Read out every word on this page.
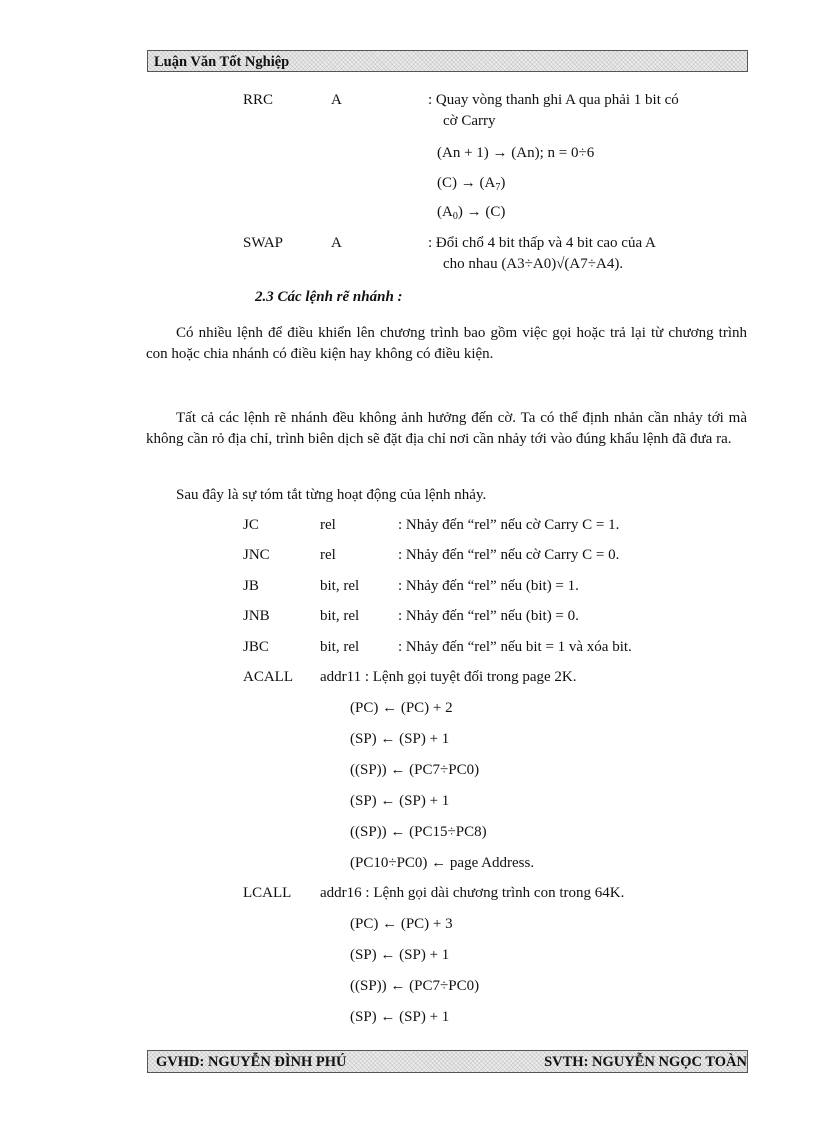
Luận Văn Tốt Nghiệp
RRC	A	: Quay vòng thanh ghi A qua phải 1 bit có
cờ Carry
(An + 1) → (An); n = 0÷6
$(C) \to (A_7)$
$(A_0) \to (C)$
SWAP	A	: Đổi chổ 4 bit thấp và 4 bit cao của A
cho nhau (A3÷A0)√(A7÷A4).
2.3 Các lệnh rẽ nhánh :
Có nhiều lệnh để điều khiển lên chương trình bao gồm việc gọi hoặc trả lại từ chương trình con hoặc chia nhánh có điều kiện hay không có điều kiện.
Tất cả các lệnh rẽ nhánh đều không ảnh hưởng đến cờ. Ta có thể định nhản cần nhảy tới mà không cần rỏ địa chỉ, trình biên dịch sẽ đặt địa chỉ nơi cần nhảy tới vào đúng khẩu lệnh đã đưa ra.
Sau đây là sự tóm tắt từng hoạt động của lệnh nhảy.
JC	rel	: Nhảy đến “rel” nếu cờ Carry C = 1.
JNC	rel	: Nhảy đến “rel” nếu cờ Carry C = 0.
JB	bit, rel	: Nhảy đến “rel” nếu (bit) = 1.
JNB	bit, rel	: Nhảy đến “rel” nếu (bit) = 0.
JBC	bit, rel	: Nhảy đến “rel” nếu bit = 1 và xóa bit.
ACALL addr11 : Lệnh gọi tuyệt đối trong page 2K.
(PC) ← (PC) + 2
(SP) ← (SP) + 1
((SP)) ← (PC7÷PC0)
(SP) ← (SP) + 1
((SP)) ← (PC15÷PC8)
(PC10÷PC0) ← page Address.
LCALL addr16 : Lệnh gọi dài chương trình con trong 64K.
(PC) ← (PC) + 3
(SP) ← (SP) + 1
((SP)) ← (PC7÷PC0)
(SP) ← (SP) + 1
GVHD: NGUYỄN ĐÌNH PHÚ	SVTH: NGUYỄN NGỌC TOÀN
